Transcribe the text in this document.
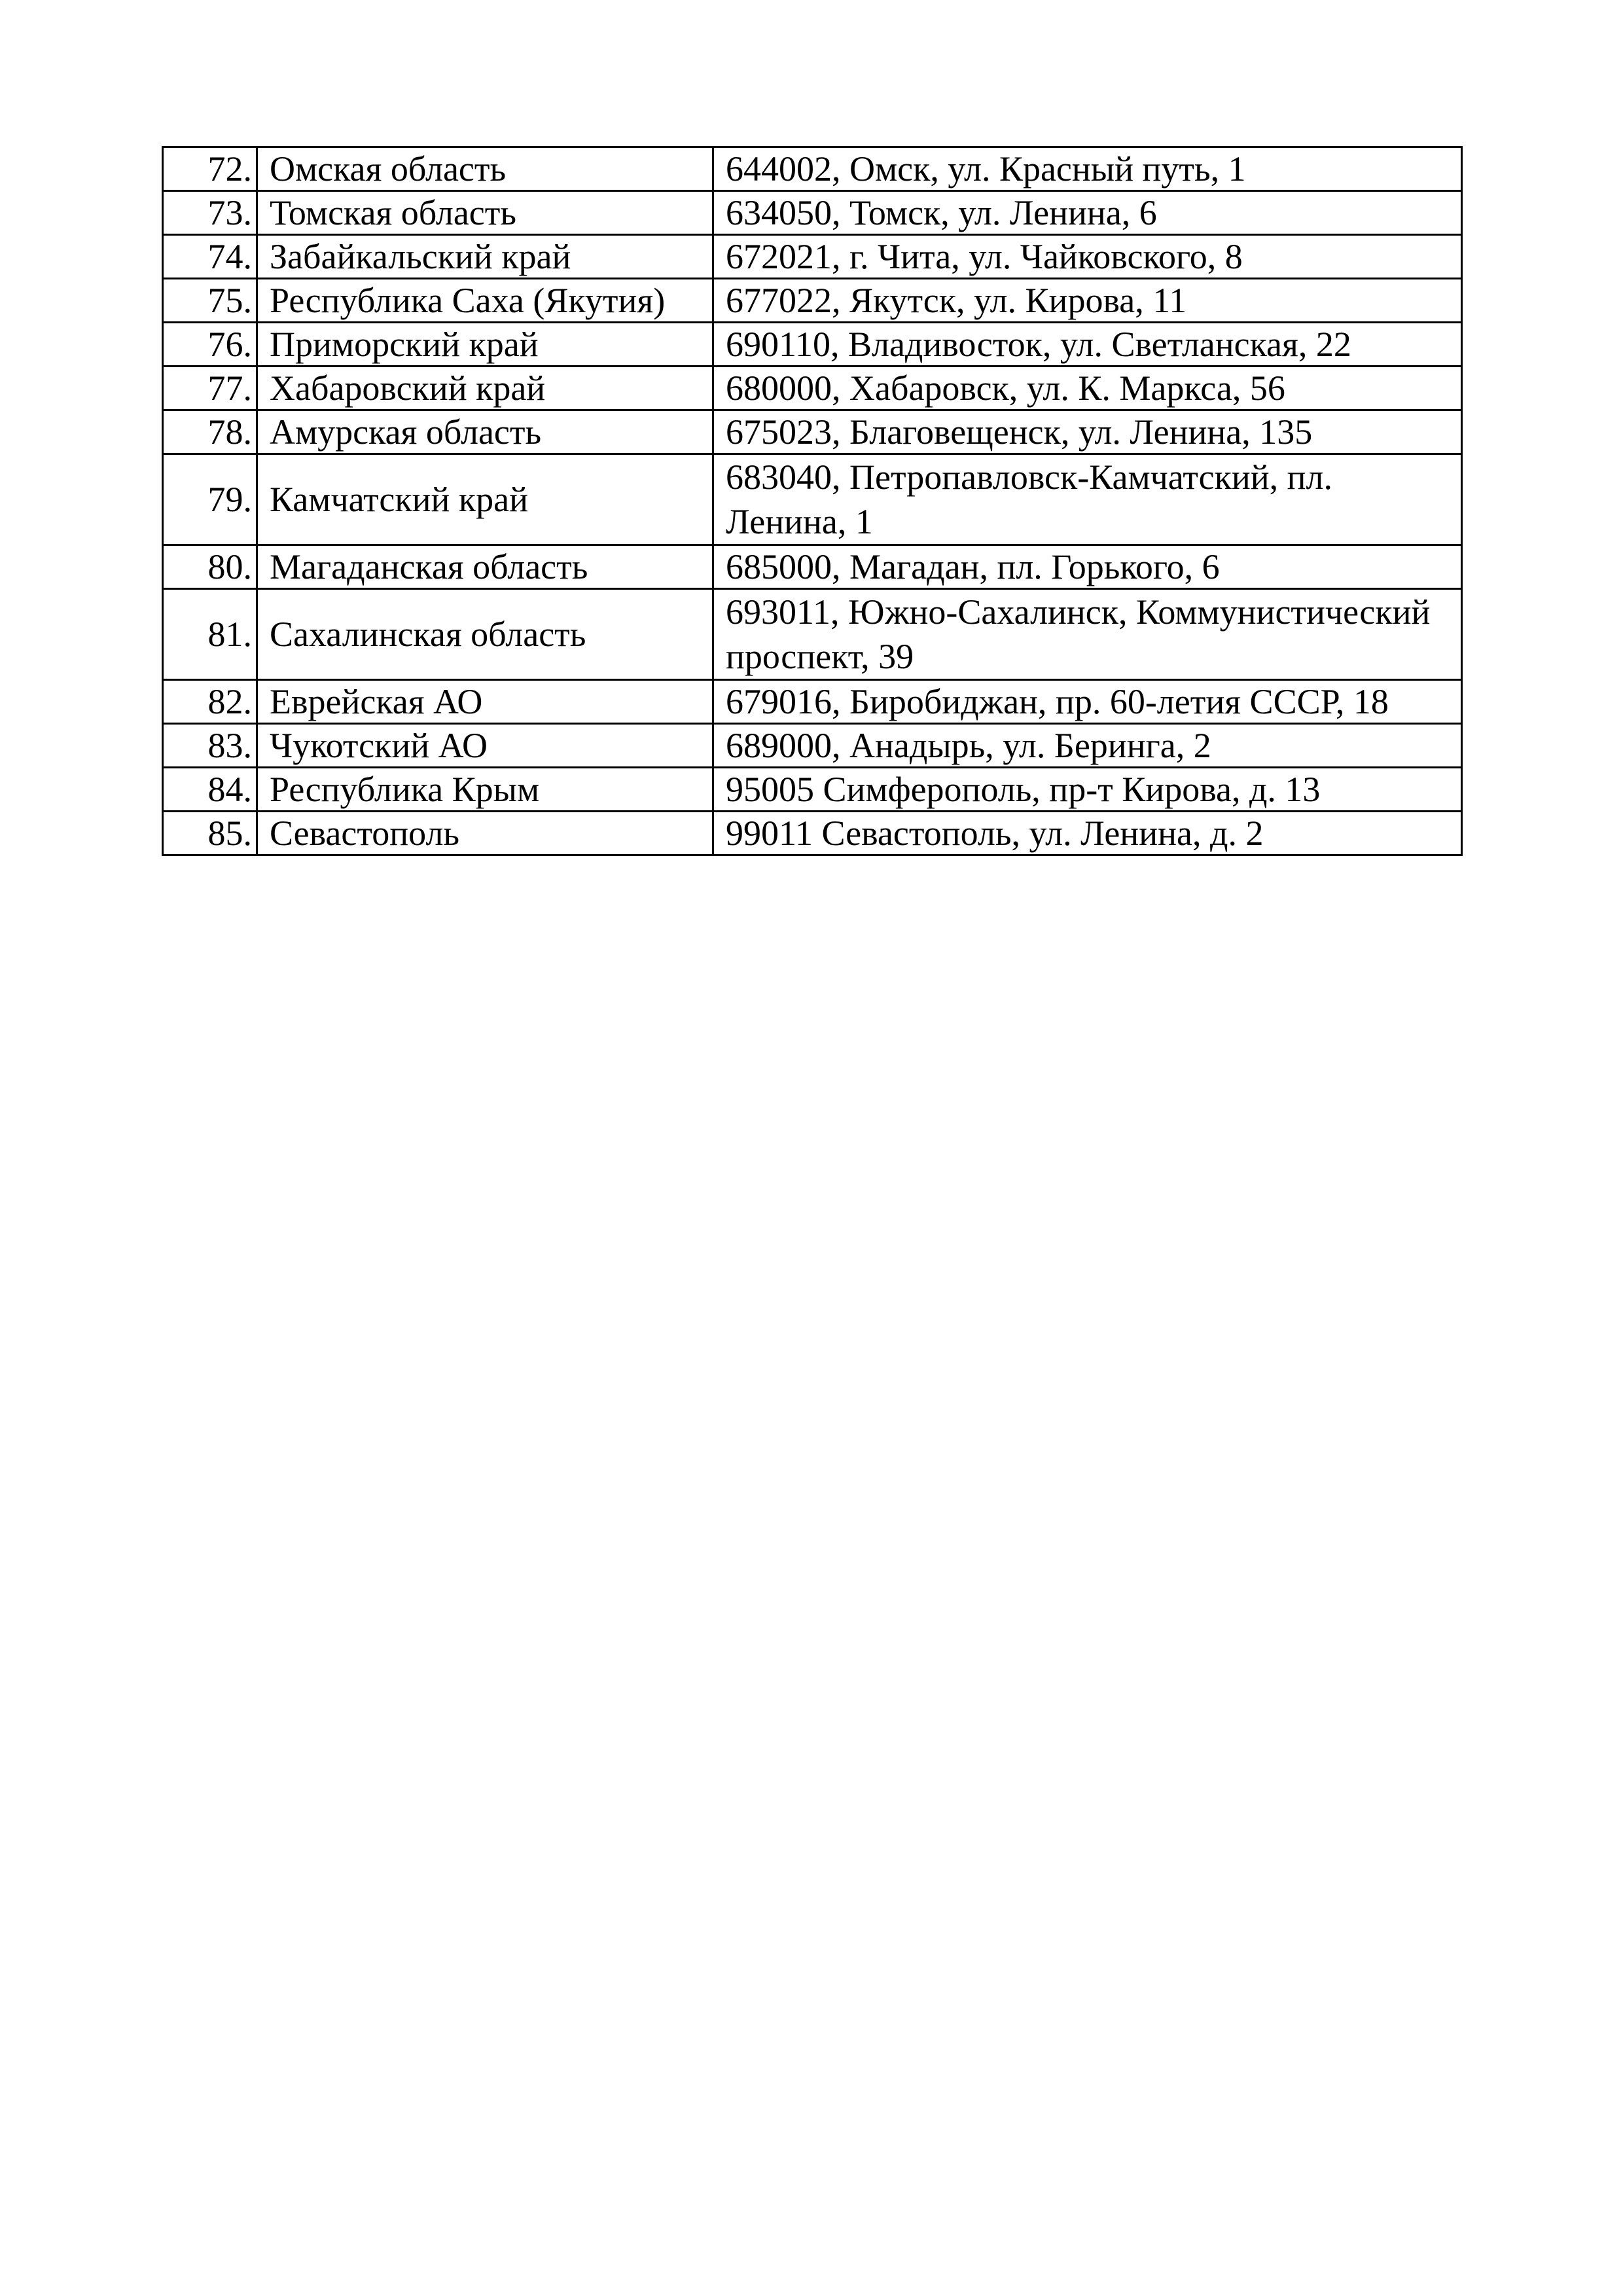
72.	Омская область	644002, Омск, ул. Красный путь, 1
73.	Томская область	634050, Томск, ул. Ленина, 6
74.	Забайкальский край	672021, г. Чита, ул. Чайковского, 8
75.	Республика Саха (Якутия)	677022, Якутск, ул. Кирова, 11
76.	Приморский край	690110, Владивосток, ул. Светланская, 22
77.	Хабаровский край	680000, Хабаровск, ул. К. Маркса, 56
78.	Амурская область	675023, Благовещенск, ул. Ленина, 135
79.	Камчатский край	683040, Петропавловск-Камчатский, пл. Ленина, 1
80.	Магаданская область	685000, Магадан, пл. Горького, 6
81.	Сахалинская область	693011, Южно-Сахалинск, Коммунистический проспект, 39
82.	Еврейская АО	679016, Биробиджан, пр. 60-летия СССР, 18
83.	Чукотский АО	689000, Анадырь, ул. Беринга, 2
84.	Республика Крым	95005 Симферополь, пр-т Кирова, д. 13
85.	Севастополь	99011 Севастополь, ул. Ленина, д. 2
